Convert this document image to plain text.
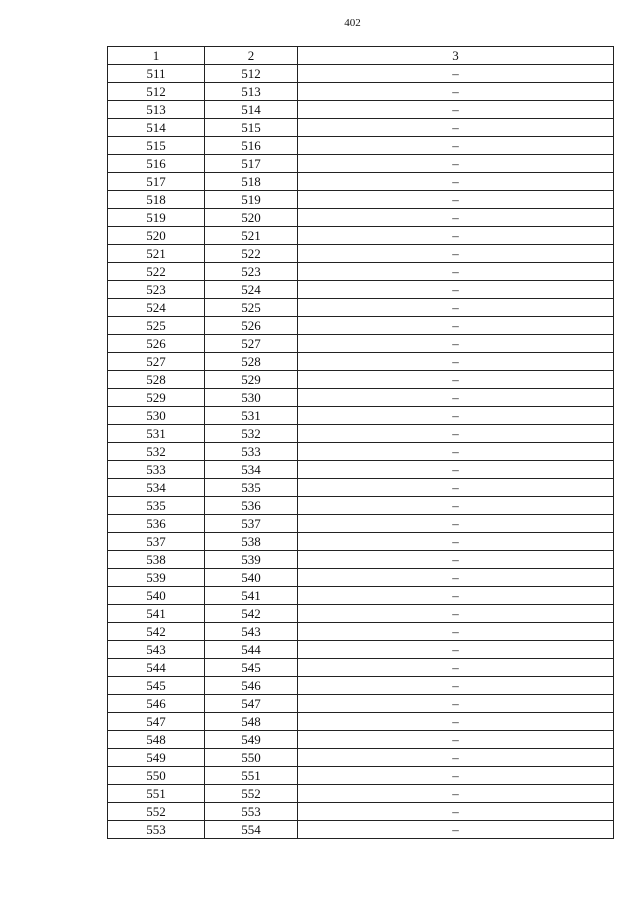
402
1	2	3
511	512	–
512	513	–
513	514	–
514	515	–
515	516	–
516	517	–
517	518	–
518	519	–
519	520	–
520	521	–
521	522	–
522	523	–
523	524	–
524	525	–
525	526	–
526	527	–
527	528	–
528	529	–
529	530	–
530	531	–
531	532	–
532	533	–
533	534	–
534	535	–
535	536	–
536	537	–
537	538	–
538	539	–
539	540	–
540	541	–
541	542	–
542	543	–
543	544	–
544	545	–
545	546	–
546	547	–
547	548	–
548	549	–
549	550	–
550	551	–
551	552	–
552	553	–
553	554	–
